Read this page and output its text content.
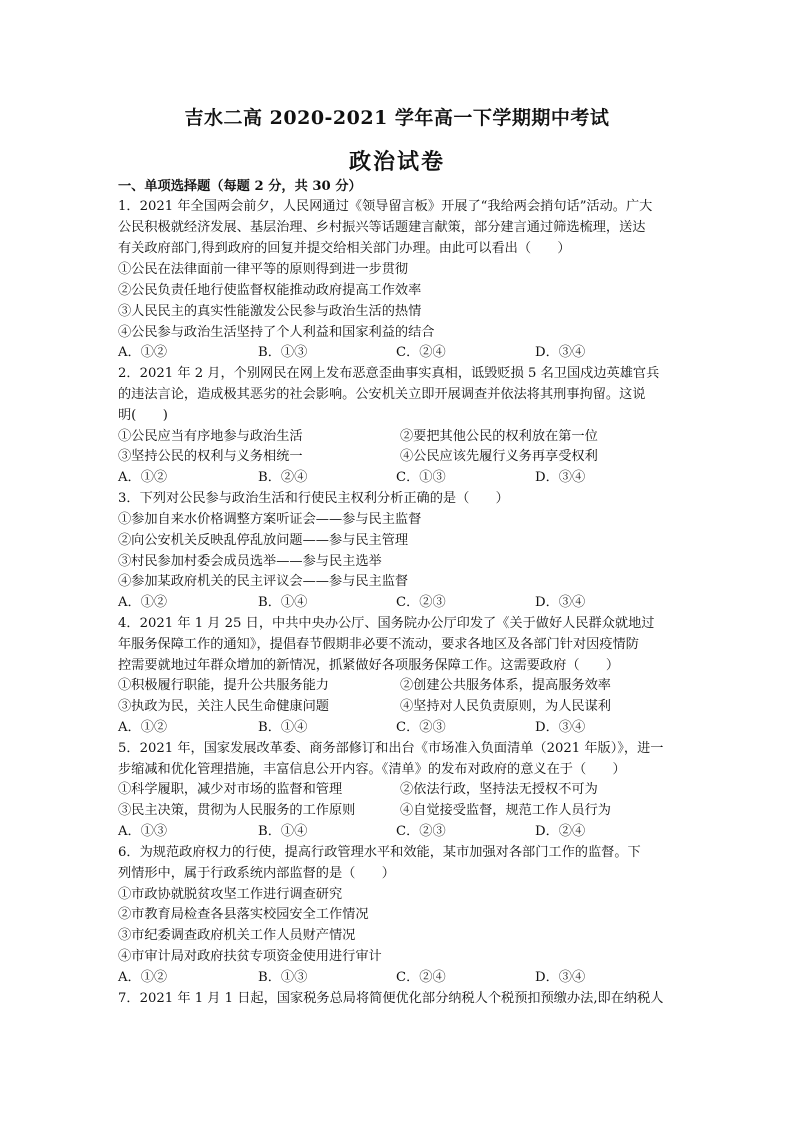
吉水二高 2020-2021 学年高一下学期期中考试
政治试卷
一、单项选择题（每题 2 分，共 30 分）
1．2021 年全国两会前夕，人民网通过《领导留言板》开展了“我给两会捎句话”活动。广大
公民积极就经济发展、基层治理、乡村振兴等话题建言献策，部分建言通过筛选梳理，送达
有关政府部门,得到政府的回复并提交给相关部门办理。由此可以看出（　　）
①公民在法律面前一律平等的原则得到进一步贯彻
②公民负责任地行使监督权能推动政府提高工作效率
③人民民主的真实性能激发公民参与政治生活的热情
④公民参与政治生活坚持了个人利益和国家利益的结合
A．①②	B．①③	C．②④	D．③④
2．2021 年 2 月，个别网民在网上发布恶意歪曲事实真相，诋毁贬损 5 名卫国戍边英雄官兵
的违法言论，造成极其恶劣的社会影响。公安机关立即开展调查并依法将其刑事拘留。这说
明(　　)
①公民应当有序地参与政治生活	②要把其他公民的权利放在第一位
③坚持公民的权利与义务相统一	④公民应该先履行义务再享受权利
A．①②	B．②④	C．①③	D．③④
3．下列对公民参与政治生活和行使民主权利分析正确的是（　　）
①参加自来水价格调整方案听证会——参与民主监督
②向公安机关反映乱停乱放问题——参与民主管理
③村民参加村委会成员选举——参与民主选举
④参加某政府机关的民主评议会——参与民主监督
A．①②	B．①④	C．②③	D．③④
4．2021 年 1 月 25 日，中共中央办公厅、国务院办公厅印发了《关于做好人民群众就地过
年服务保障工作的通知》，提倡春节假期非必要不流动，要求各地区及各部门针对因疫情防
控需要就地过年群众增加的新情况，抓紧做好各项服务保障工作。这需要政府（　　）
①积极履行职能，提升公共服务能力	②创建公共服务体系，提高服务效率
③执政为民，关注人民生命健康问题	④坚持对人民负责原则，为人民谋利
A．①②	B．①④	C．②③	D．③④
5．2021 年，国家发展改革委、商务部修订和出台《市场准入负面清单（2021 年版）》，进一
步缩减和优化管理措施，丰富信息公开内容。《清单》的发布对政府的意义在于（　　）
①科学履职，减少对市场的监督和管理	②依法行政，坚持法无授权不可为
③民主决策，贯彻为人民服务的工作原则	④自觉接受监督，规范工作人员行为
A．①③	B．①④	C．②③	D．②④
6．为规范政府权力的行使，提高行政管理水平和效能，某市加强对各部门工作的监督。下
列情形中，属于行政系统内部监督的是（　　）
①市政协就脱贫攻坚工作进行调查研究
②市教育局检查各县落实校园安全工作情况
③市纪委调查政府机关工作人员财产情况
④市审计局对政府扶贫专项资金使用进行审计
A．①②	B．①③	C．②④	D．③④
7．2021 年 1 月 1 日起，国家税务总局将简便优化部分纳税人个税预扣预缴办法,即在纳税人
